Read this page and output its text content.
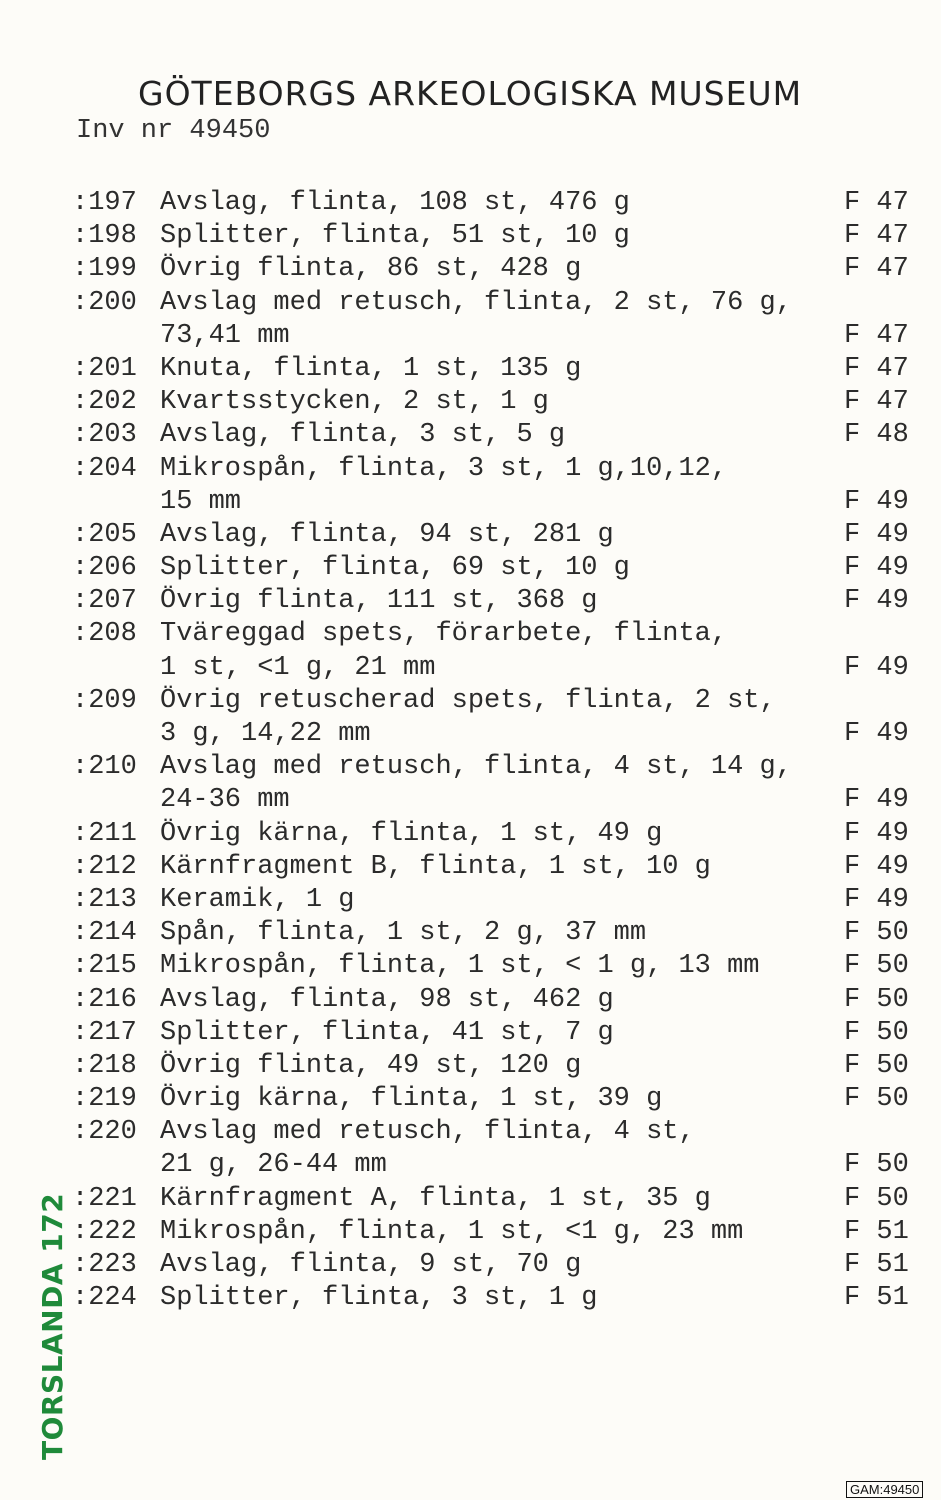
GÖTEBORGS ARKEOLOGISKA MUSEUM
Inv nr 49450
:197 Avslag, flinta, 108 st, 476 g	F 47
:198 Splitter, flinta, 51 st, 10 g	F 47
:199 Övrig flinta, 86 st, 428 g	F 47
:200 Avslag med retusch, flinta, 2 st, 76 g,
73,41 mm	F 47
:201 Knuta, flinta, 1 st, 135 g	F 47
:202 Kvartsstycken, 2 st, 1 g	F 47
:203 Avslag, flinta, 3 st, 5 g	F 48
:204 Mikrospån, flinta, 3 st, 1 g,10,12,
15 mm	F 49
:205 Avslag, flinta, 94 st, 281 g	F 49
:206 Splitter, flinta, 69 st, 10 g	F 49
:207 Övrig flinta, 111 st, 368 g	F 49
:208 Tväreggad spets, förarbete, flinta,
1 st, <1 g, 21 mm	F 49
:209 Övrig retuscherad spets, flinta, 2 st,
3 g, 14,22 mm	F 49
:210 Avslag med retusch, flinta, 4 st, 14 g,
24-36 mm	F 49
:211 Övrig kärna, flinta, 1 st, 49 g	F 49
:212 Kärnfragment B, flinta, 1 st, 10 g	F 49
:213 Keramik, 1 g	F 49
:214 Spån, flinta, 1 st, 2 g, 37 mm	F 50
:215 Mikrospån, flinta, 1 st, < 1 g, 13 mm	F 50
:216 Avslag, flinta, 98 st, 462 g	F 50
:217 Splitter, flinta, 41 st, 7 g	F 50
:218 Övrig flinta, 49 st, 120 g	F 50
:219 Övrig kärna, flinta, 1 st, 39 g	F 50
:220 Avslag med retusch, flinta, 4 st,
21 g, 26-44 mm	F 50
:221 Kärnfragment A, flinta, 1 st, 35 g	F 50
:222 Mikrospån, flinta, 1 st, <1 g, 23 mm	F 51
:223 Avslag, flinta, 9 st, 70 g	F 51
:224 Splitter, flinta, 3 st, 1 g	F 51
TORSLANDA 172
GAM:49450
